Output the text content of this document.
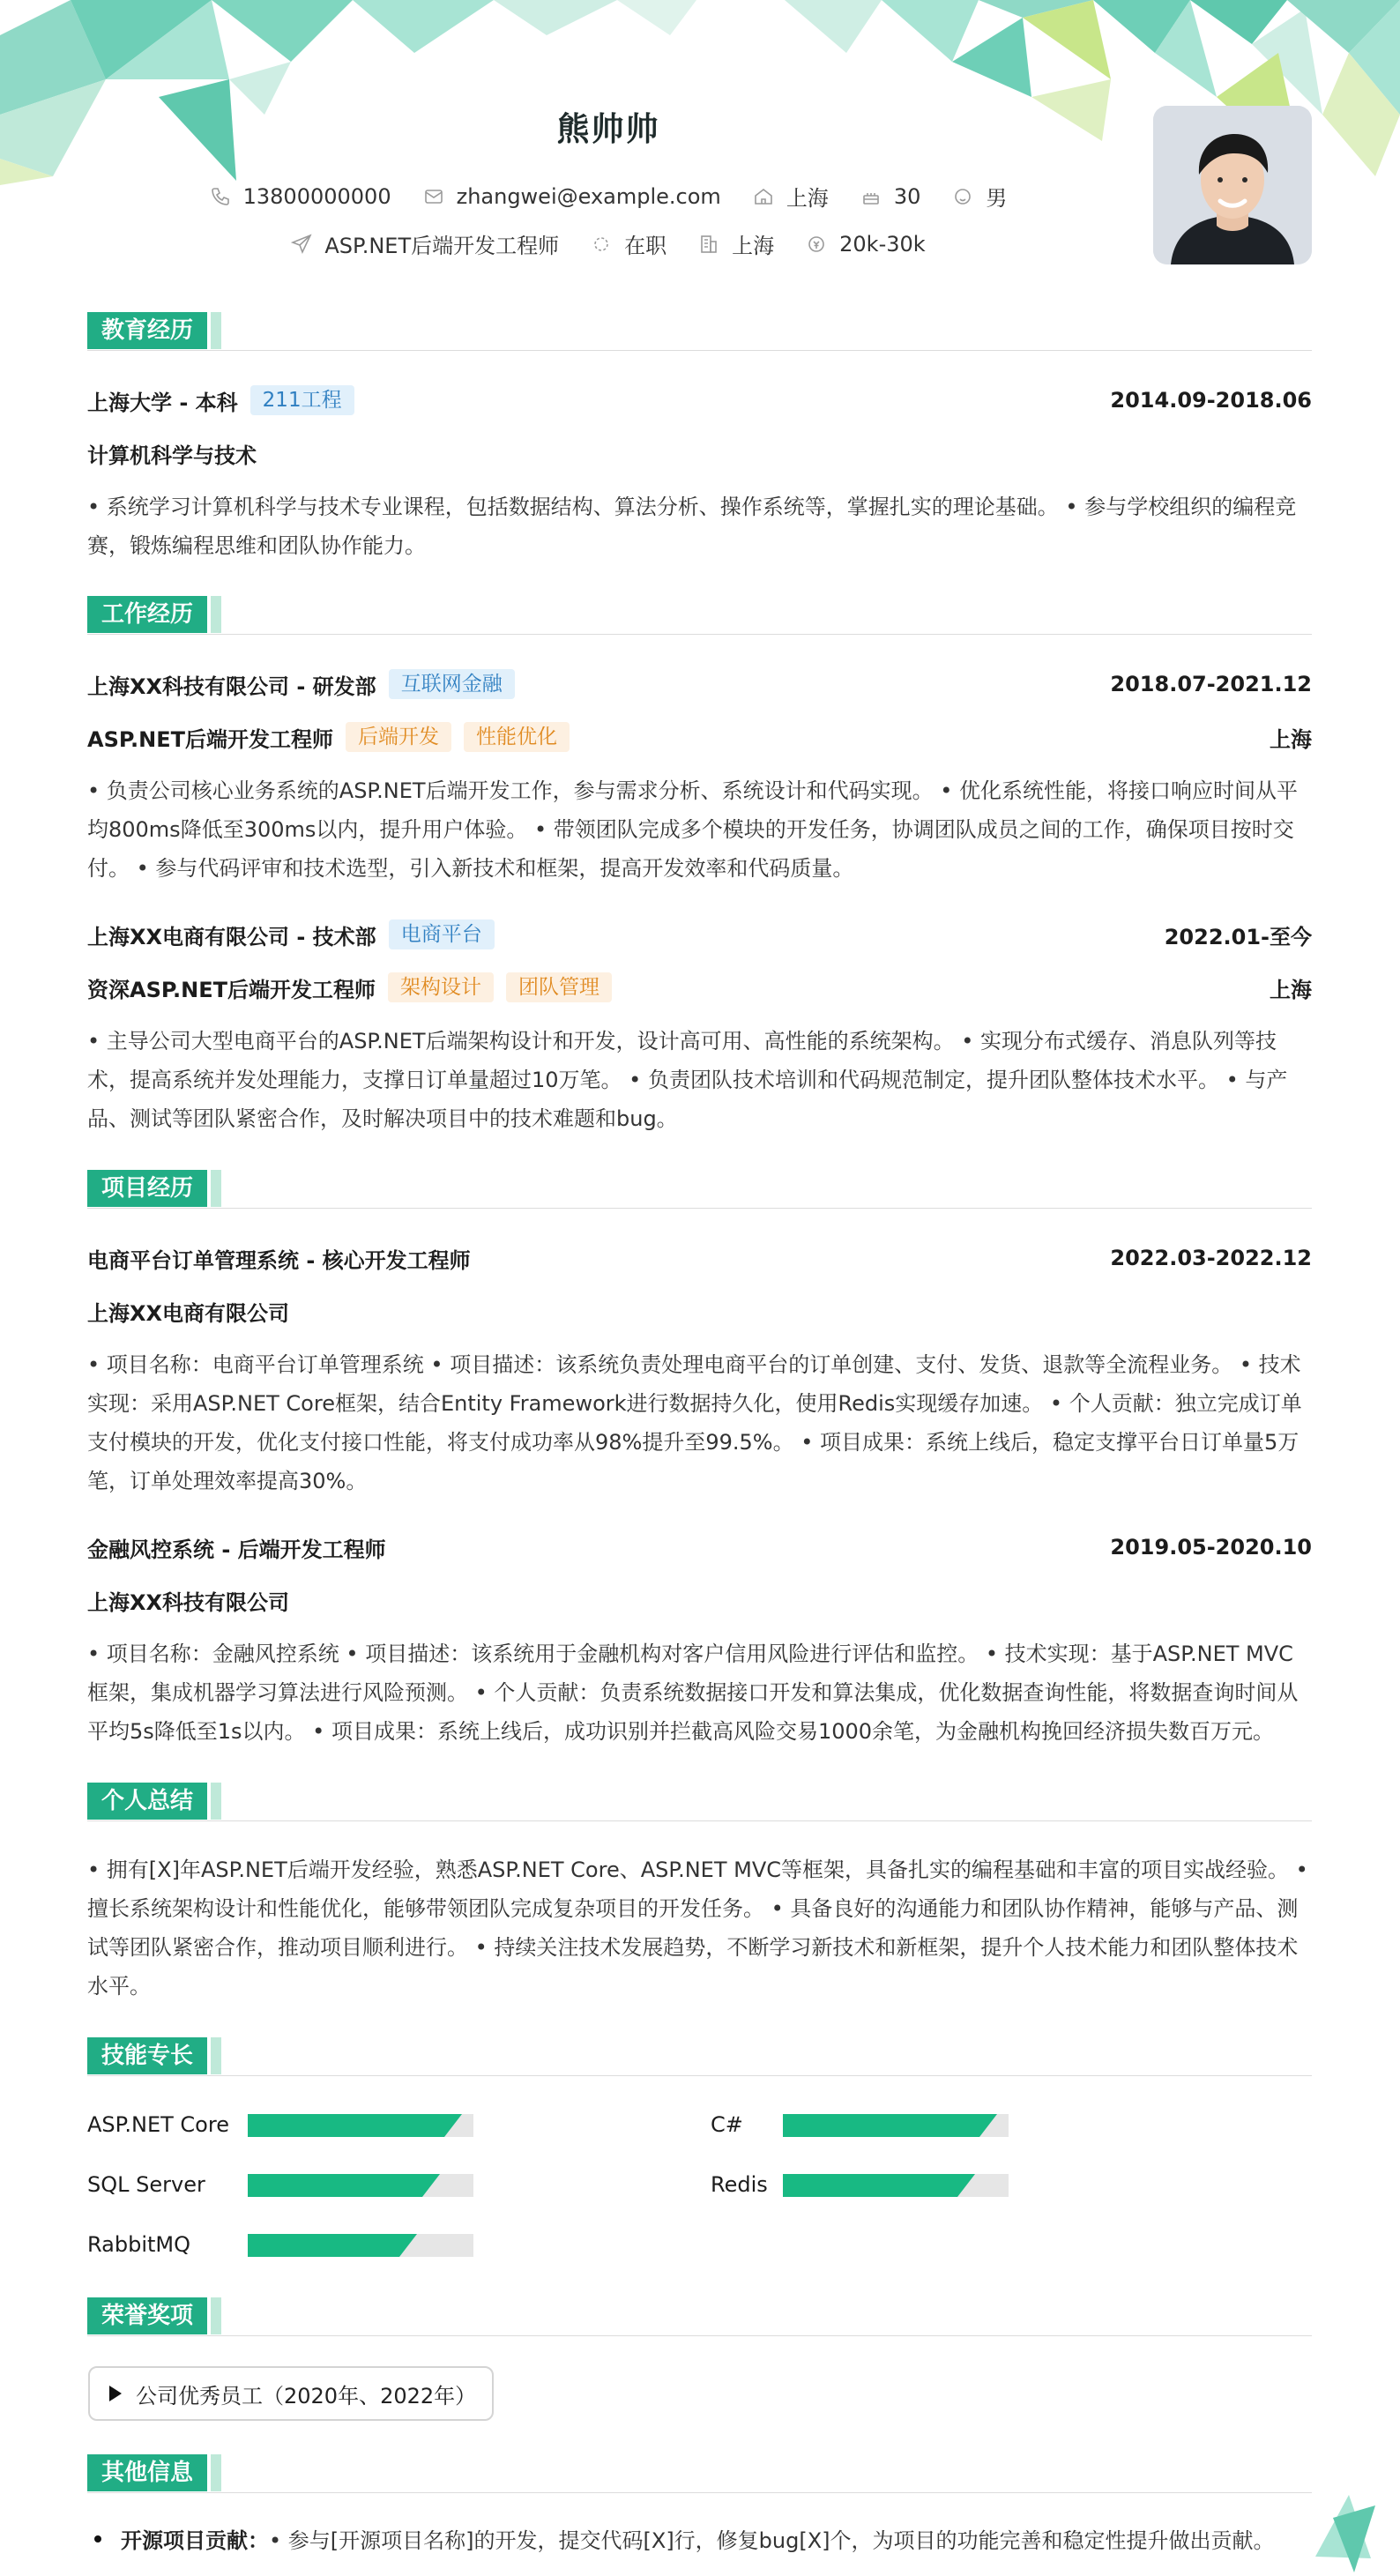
熊帅帅
13800000000	zhangwei@example.com	上海	30	男
ASP.NET后端开发工程师	在职	上海	20k-30k
教育经历
上海大学 - 本科	211工程	2014.09-2018.06
计算机科学与技术
• 系统学习计算机科学与技术专业课程，包括数据结构、算法分析、操作系统等，掌握扎实的理论基础。 • 参与学校组织的编程竞赛，锻炼编程思维和团队协作能力。
工作经历
上海XX科技有限公司 - 研发部	互联网金融	2018.07-2021.12
ASP.NET后端开发工程师	后端开发	性能优化	上海
• 负责公司核心业务系统的ASP.NET后端开发工作，参与需求分析、系统设计和代码实现。 • 优化系统性能，将接口响应时间从平均800ms降低至300ms以内，提升用户体验。 • 带领团队完成多个模块的开发任务，协调团队成员之间的工作，确保项目按时交付。 • 参与代码评审和技术选型，引入新技术和框架，提高开发效率和代码质量。
上海XX电商有限公司 - 技术部	电商平台	2022.01-至今
资深ASP.NET后端开发工程师	架构设计	团队管理	上海
• 主导公司大型电商平台的ASP.NET后端架构设计和开发，设计高可用、高性能的系统架构。 • 实现分布式缓存、消息队列等技术，提高系统并发处理能力，支撑日订单量超过10万笔。 • 负责团队技术培训和代码规范制定，提升团队整体技术水平。 • 与产品、测试等团队紧密合作，及时解决项目中的技术难题和bug。
项目经历
电商平台订单管理系统 - 核心开发工程师	2022.03-2022.12
上海XX电商有限公司
• 项目名称：电商平台订单管理系统 • 项目描述：该系统负责处理电商平台的订单创建、支付、发货、退款等全流程业务。 • 技术实现：采用ASP.NET Core框架，结合Entity Framework进行数据持久化，使用Redis实现缓存加速。 • 个人贡献：独立完成订单支付模块的开发，优化支付接口性能，将支付成功率从98%提升至99.5%。 • 项目成果：系统上线后，稳定支撑平台日订单量5万笔，订单处理效率提高30%。
金融风控系统 - 后端开发工程师	2019.05-2020.10
上海XX科技有限公司
• 项目名称：金融风控系统 • 项目描述：该系统用于金融机构对客户信用风险进行评估和监控。 • 技术实现：基于ASP.NET MVC框架，集成机器学习算法进行风险预测。 • 个人贡献：负责系统数据接口开发和算法集成，优化数据查询性能，将数据查询时间从平均5s降低至1s以内。 • 项目成果：系统上线后，成功识别并拦截高风险交易1000余笔，为金融机构挽回经济损失数百万元。
个人总结
• 拥有[X]年ASP.NET后端开发经验，熟悉ASP.NET Core、ASP.NET MVC等框架，具备扎实的编程基础和丰富的项目实战经验。 • 擅长系统架构设计和性能优化，能够带领团队完成复杂项目的开发任务。 • 具备良好的沟通能力和团队协作精神，能够与产品、测试等团队紧密合作，推动项目顺利进行。 • 持续关注技术发展趋势，不断学习新技术和新框架，提升个人技术能力和团队整体技术水平。
技能专长
ASP.NET Core	C#
SQL Server	Redis
RabbitMQ
荣誉奖项
公司优秀员工（2020年、2022年）
其他信息
开源项目贡献： • 参与[开源项目名称]的开发，提交代码[X]行，修复bug[X]个，为项目的功能完善和稳定性提升做出贡献。
